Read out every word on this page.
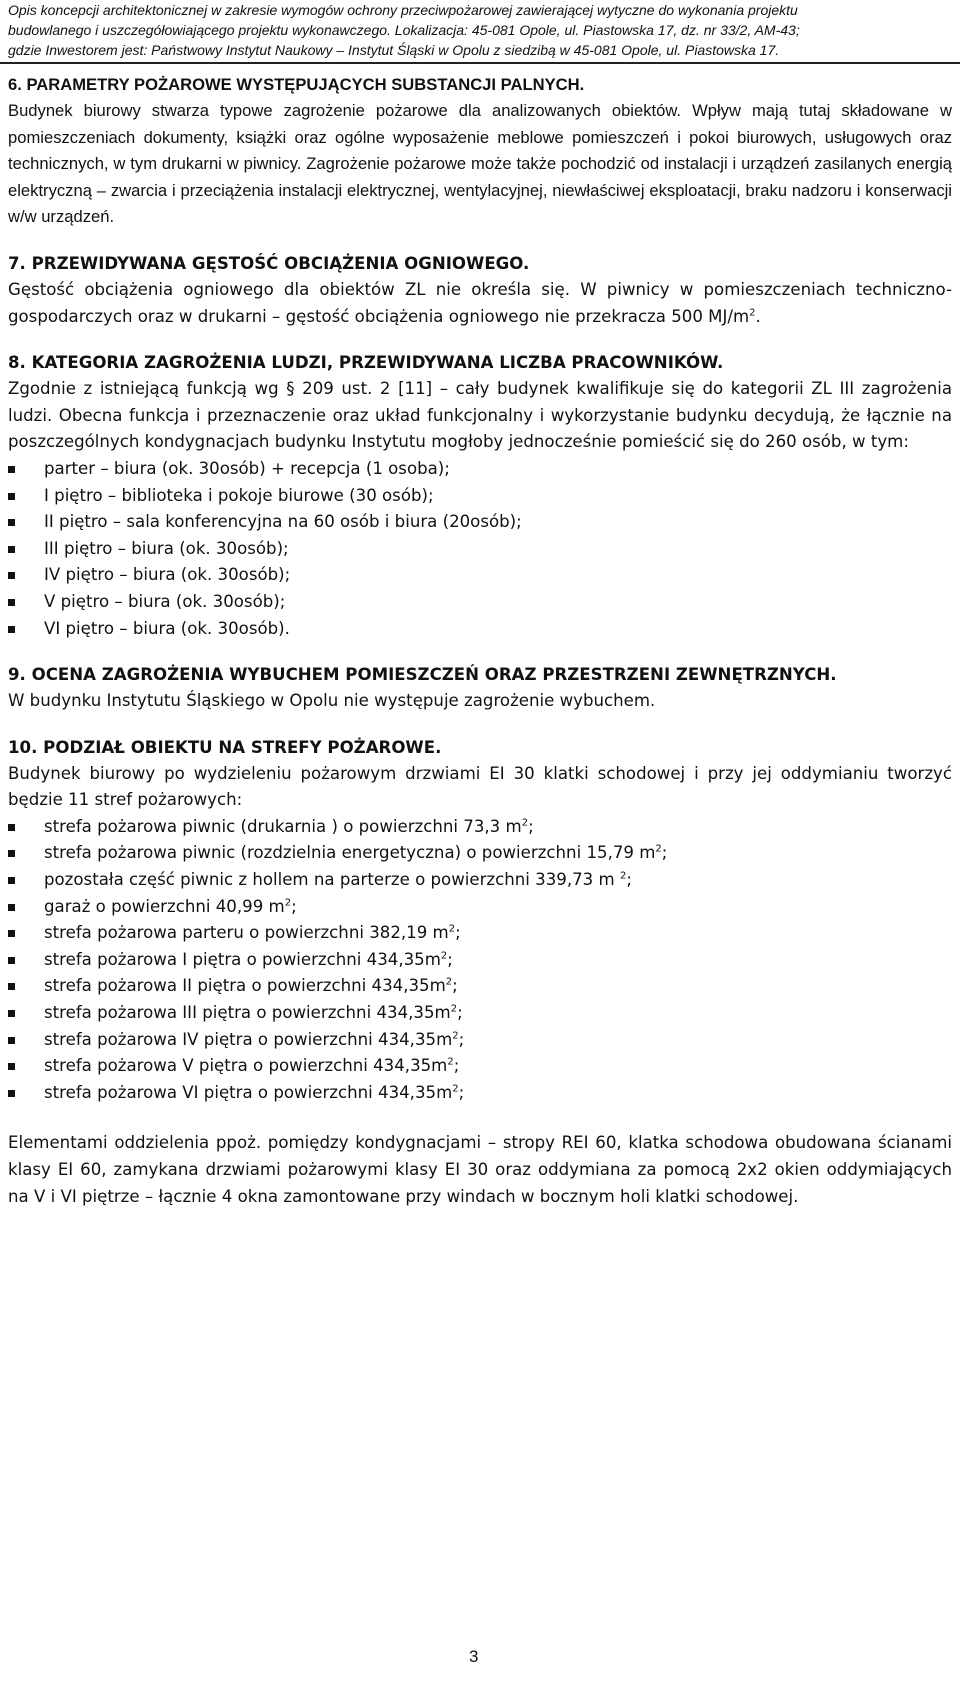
Opis koncepcji architektonicznej w zakresie wymogów ochrony przeciwpożarowej zawierającej wytyczne do wykonania projektu

budowlanego i uszczegółowiającego projektu wykonawczego. Lokalizacja: 45-081 Opole, ul. Piastowska 17, dz. nr 33/2, AM-43;

gdzie Inwestorem jest: Państwowy Instytut Naukowy – Instytut Śląski w Opolu z siedzibą w 45-081 Opole, ul. Piastowska 17.

6. PARAMETRY POŻAROWE WYSTĘPUJĄCYCH SUBSTANCJI PALNYCH.

Budynek biurowy stwarza typowe zagrożenie pożarowe dla analizowanych obiektów. Wpływ mają tutaj składowane w pomieszczeniach dokumenty, książki oraz ogólne wyposażenie meblowe pomieszczeń i pokoi biurowych, usługowych oraz technicznych, w tym drukarni w piwnicy. Zagrożenie pożarowe może także pochodzić od instalacji i urządzeń zasilanych energią elektryczną – zwarcia i przeciążenia instalacji elektrycznej, wentylacyjnej, niewłaściwej eksploatacji, braku nadzoru i konserwacji w/w urządzeń.

7. PRZEWIDYWANA GĘSTOŚĆ OBCIĄŻENIA OGNIOWEGO.

Gęstość obciążenia ogniowego dla obiektów ZL nie określa się. W piwnicy w pomieszczeniach techniczno-gospodarczych oraz w drukarni – gęstość obciążenia ogniowego nie przekracza 500 $MJ/m^2$.

8. KATEGORIA ZAGROŻENIA LUDZI, PRZEWIDYWANA LICZBA PRACOWNIKÓW.

Zgodnie z istniejącą funkcją wg § 209 ust. 2 [11] – cały budynek kwalifikuje się do kategorii ZL III zagrożenia ludzi. Obecna funkcja i przeznaczenie oraz układ funkcjonalny i wykorzystanie budynku decydują, że łącznie na poszczególnych kondygnacjach budynku Instytutu mogłoby jednocześnie pomieścić się do 260 osób, w tym:

parter – biura (ok. 30osób) + recepcja (1 osoba);
I piętro – biblioteka i pokoje biurowe (30 osób);
II piętro – sala konferencyjna na 60 osób i biura (20osób);
III piętro – biura (ok. 30osób);
IV piętro – biura (ok. 30osób);
V piętro – biura (ok. 30osób);
VI piętro – biura (ok. 30osób).
9. OCENA ZAGROŻENIA WYBUCHEM POMIESZCZEŃ ORAZ PRZESTRZENI ZEWNĘTRZNYCH.

W budynku Instytutu Śląskiego w Opolu nie występuje zagrożenie wybuchem.

10. PODZIAŁ OBIEKTU NA STREFY POŻAROWE.

Budynek biurowy po wydzieleniu pożarowym drzwiami EI 30 klatki schodowej i przy jej oddymianiu tworzyć będzie 11 stref pożarowych:

strefa pożarowa piwnic (drukarnia ) o powierzchni 73,3 $m^2$;
strefa pożarowa piwnic (rozdzielnia energetyczna) o powierzchni 15,79 $m^2$;
pozostała część piwnic z hollem na parterze o powierzchni 339,73 m $^2$;
garaż o powierzchni 40,99 $m^2$;
strefa pożarowa parteru o powierzchni 382,19 $m^2$;
strefa pożarowa I piętra o powierzchni $434,35m^2$;
strefa pożarowa II piętra o powierzchni $434,35m^2$;
strefa pożarowa III piętra o powierzchni $434,35m^2$;
strefa pożarowa IV piętra o powierzchni $434,35m^2$;
strefa pożarowa V piętra o powierzchni $434,35m^2$;
strefa pożarowa VI piętra o powierzchni $434,35m^2$;

Elementami oddzielenia ppoż. pomiędzy kondygnacjami – stropy REI 60, klatka schodowa obudowana ścianami klasy EI 60, zamykana drzwiami pożarowymi klasy EI 30 oraz oddymiana za pomocą 2x2 okien oddymiających na V i VI piętrze – łącznie 4 okna zamontowane przy windach w bocznym holi klatki schodowej.

3
